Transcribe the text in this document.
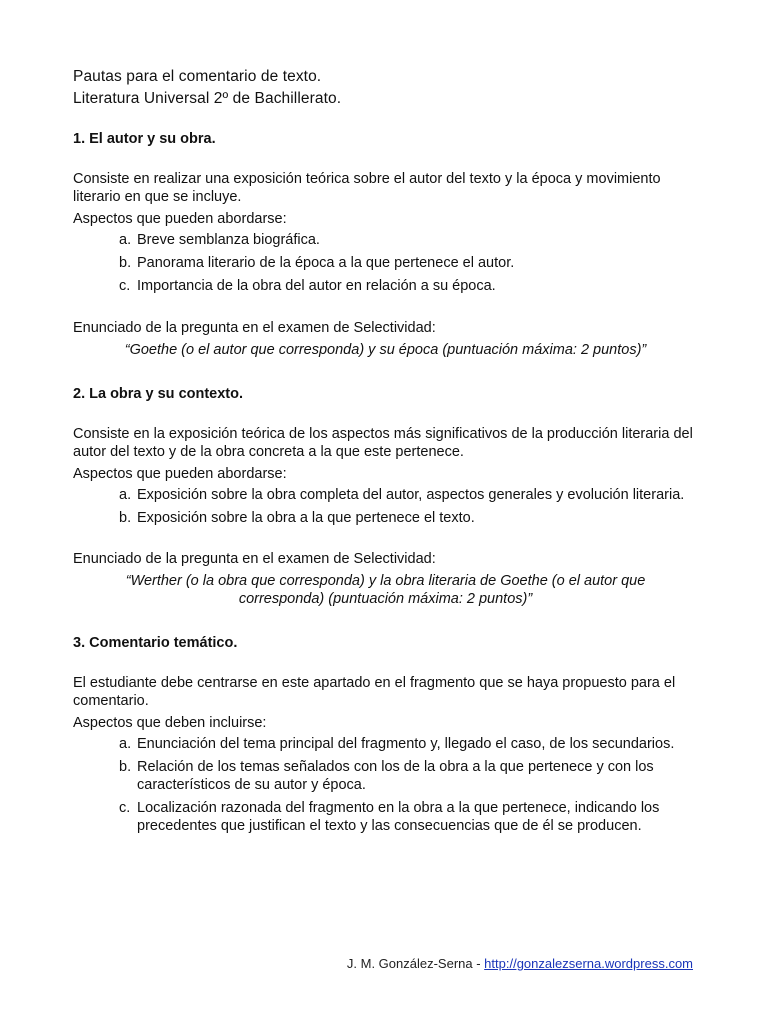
Pautas para el comentario de texto.
Literatura Universal 2º de Bachillerato.
1. El autor y su obra.

Consiste en realizar una exposición teórica sobre el autor del texto y la época y movimiento literario en que se incluye.

Aspectos que pueden abordarse:
a. Breve semblanza biográfica.
b. Panorama literario de la época a la que pertenece el autor.
c. Importancia de la obra del autor en relación a su época.
Enunciado de la pregunta en el examen de Selectividad:
“Goethe (o el autor que corresponda) y su época (puntuación máxima: 2 puntos)”
2. La obra y su contexto.

Consiste en la exposición teórica de los aspectos más significativos de la producción literaria del autor del texto y de la obra concreta a la que este pertenece.

Aspectos que pueden abordarse:
a. Exposición sobre la obra completa del autor, aspectos generales y evolución literaria.
b. Exposición sobre la obra a la que pertenece el texto.
Enunciado de la pregunta en el examen de Selectividad:
“Werther (o la obra que corresponda) y la obra literaria de Goethe (o el autor que corresponda) (puntuación máxima: 2 puntos)”
3. Comentario temático.

El estudiante debe centrarse en este apartado en el fragmento que se haya propuesto para el comentario.

Aspectos que deben incluirse:
a. Enunciación del tema principal del fragmento y, llegado el caso, de los secundarios.
b. Relación de los temas señalados con los de la obra a la que pertenece y con los característicos de su autor y época.
c. Localización razonada del fragmento en la obra a la que pertenece, indicando los precedentes que justifican el texto y las consecuencias que de él se producen.
J. M. González-Serna - http://gonzalezserna.wordpress.com
